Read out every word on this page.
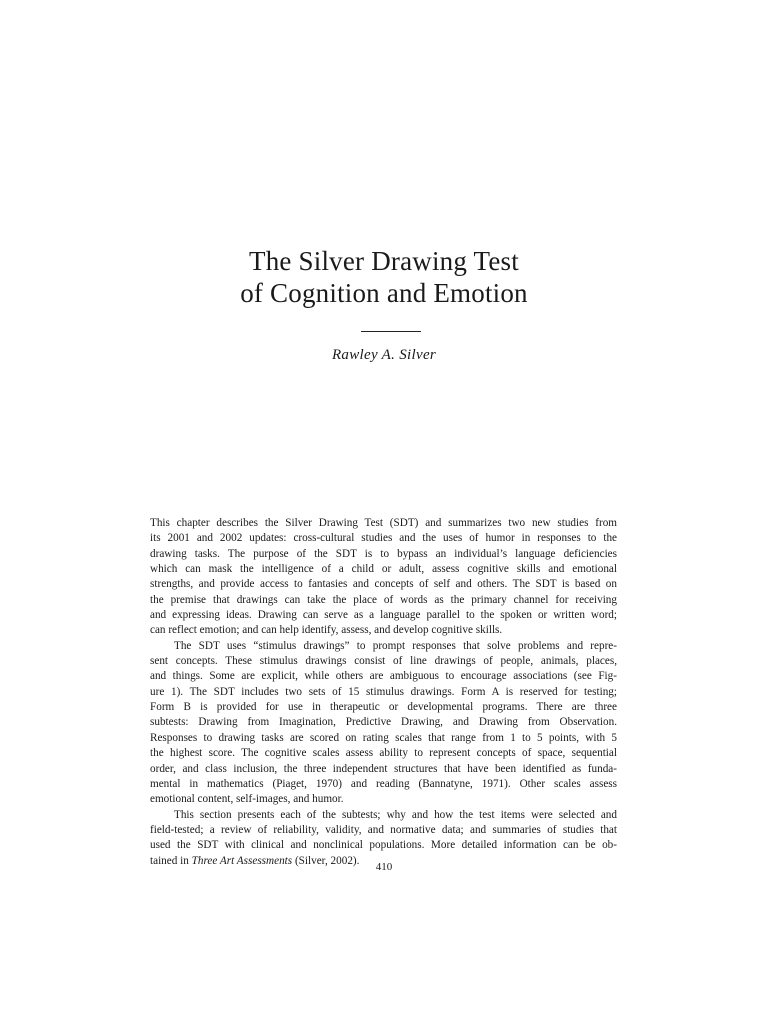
The Silver Drawing Test
of Cognition and Emotion
Rawley A. Silver

This chapter describes the Silver Drawing Test (SDT) and summarizes two new studies from
its 2001 and 2002 updates: cross-cultural studies and the uses of humor in responses to the
drawing tasks. The purpose of the SDT is to bypass an individual’s language deficiencies
which can mask the intelligence of a child or adult, assess cognitive skills and emotional
strengths, and provide access to fantasies and concepts of self and others. The SDT is based on
the premise that drawings can take the place of words as the primary channel for receiving
and expressing ideas. Drawing can serve as a language parallel to the spoken or written word;
can reflect emotion; and can help identify, assess, and develop cognitive skills.

The SDT uses “stimulus drawings” to prompt responses that solve problems and repre-
sent concepts. These stimulus drawings consist of line drawings of people, animals, places,
and things. Some are explicit, while others are ambiguous to encourage associations (see Fig-
ure 1). The SDT includes two sets of 15 stimulus drawings. Form A is reserved for testing;
Form B is provided for use in therapeutic or developmental programs. There are three
subtests: Drawing from Imagination, Predictive Drawing, and Drawing from Observation.
Responses to drawing tasks are scored on rating scales that range from 1 to 5 points, with 5
the highest score. The cognitive scales assess ability to represent concepts of space, sequential
order, and class inclusion, the three independent structures that have been identified as funda-
mental in mathematics (Piaget, 1970) and reading (Bannatyne, 1971). Other scales assess
emotional content, self-images, and humor.

This section presents each of the subtests; why and how the test items were selected and
field-tested; a review of reliability, validity, and normative data; and summaries of studies that
used the SDT with clinical and nonclinical populations. More detailed information can be ob-
tained in Three Art Assessments (Silver, 2002).

410
